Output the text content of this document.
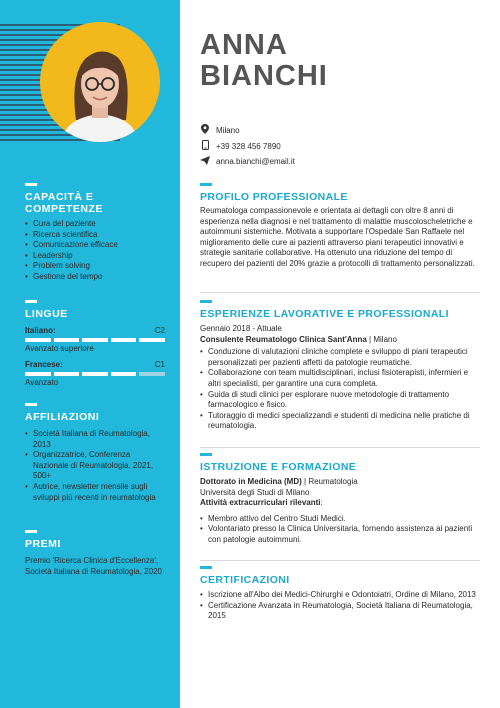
CAPACITÀ E
COMPETENZE
• Cura del paziente
• Ricerca scientifica
• Comunicazione efficace
• Leadership
• Problem solving
• Gestione del tempo
LINGUE
Italiano:	C2
Avanzato superiore
Francese:	C1
Avanzato
AFFILIAZIONI
• Società Italiana di Reumatologia, 2013
• Organizzatrice, Conferenza Nazionale di Reumatologia, 2021, 500+
• Autrice, newsletter mensile sugli sviluppi più recenti in reumatologia
PREMI
Premio 'Ricerca Clinica d'Eccellenza', Società Italiana di Reumatologia, 2020
ANNA
BIANCHI
Milano
+39 328 456 7890
anna.bianchi@email.it
PROFILO PROFESSIONALE
Reumatologa compassionevole e orientata ai dettagli con oltre 8 anni di esperienza nella diagnosi e nel trattamento di malattie muscoloscheletriche e autoimmuni sistemiche. Motivata a supportare l'Ospedale San Raffaele nel miglioramento delle cure ai pazienti attraverso piani terapeutici innovativi e strategie sanitarie collaborative. Ha ottenuto una riduzione del tempo di recupero dei pazienti del 20% grazie a protocolli di trattamento personalizzati.
ESPERIENZE LAVORATIVE E PROFESSIONALI
Gennaio 2018 - Attuale
Consulente Reumatologo Clinica Sant'Anna | Milano
• Conduzione di valutazioni cliniche complete e sviluppo di piani terapeutici personalizzati per pazienti affetti da patologie reumatiche.
• Collaborazione con team multidisciplinari, inclusi fisioterapisti, infermieri e altri specialisti, per garantire una cura completa.
• Guida di studi clinici per esplorare nuove metodologie di trattamento farmacologico e fisico.
• Tutoraggio di medici specializzandi e studenti di medicina nelle pratiche di reumatologia.
ISTRUZIONE E FORMAZIONE
Dottorato in Medicina (MD) | Reumatologia
Università degli Studi di Milano
Attività extracurriculari rilevanti:
• Membro attivo del Centro Studi Medici.
• Volontariato presso la Clinica Universitaria, fornendo assistenza ai pazienti con patologie autoimmuni.
CERTIFICAZIONI
• Iscrizione all'Albo dei Medici-Chirurghi e Odontoiatri, Ordine di Milano, 2013
• Certificazione Avanzata in Reumatologia, Società Italiana di Reumatologia, 2015
